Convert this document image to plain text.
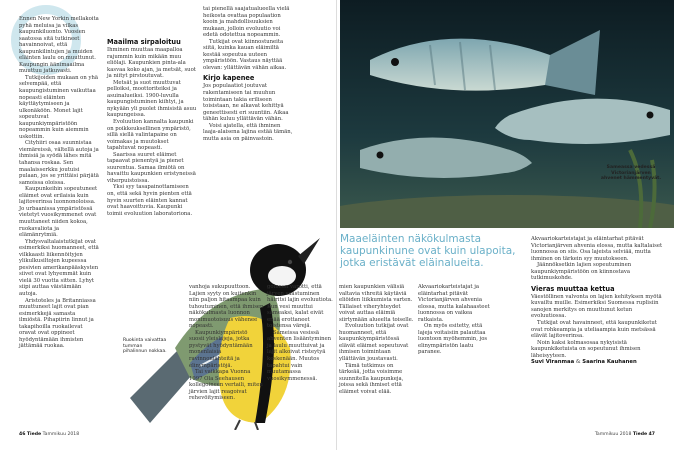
Ennen New Yorkin mellakoita pyhä meluisa ja vilkas kaupunkiluonto. Vuosien saatossa sitä tutkineet havainnoivat, että kaupunkilintujen ja muiden eläinten laulu on muuttunut. Kaupungin äänimaailma muuttuu jatkuvasti.

Tutkijoiden mukaan on yhä selvempää, että kaupungistuminen vaikuttaa nopeasti eläinten käyttäytymiseen ja ulkonäköön. Monet lajit sopeutuvat kaupunkiympäristöön nopeammin kuin aiemmin uskottiin.

Cityhiiri osaa suunnistaa viemäreissä, vältellä autoja ja ihmisiä ja syödä lähes mitä tahansa roskaa. Sen maalaisserkku joutuisi pulaan, jos se yrittäisi pärjätä samoissa oloissa.

Kaupunkeihin sopeutuneet eläimet ovat erilaisia kuin lajitoverinsa luonnonoloissa. Jo urbaanissa ympäristössä vietetyt vuosikymmenet ovat muuttaneet niiden kokoa, ruokavaliota ja elämänrytmiä.

Yhdysvaltalaistutkijat ovat esimerkiksi huomanneet, että vilkkaasti liikennöityjen ylikulkusiltojen kupeessa pesivien amerikanpääskysten siivet ovat lyhyemmät kuin vielä 30 vuotta sitten. Lyhyt siipi auttaa väistämään autoja.

Aristoteles ja Britanniassa muuttuneet lajit ovat pian esimerkkejä samasta ilmiöstä. Pihapiirin linnut ja takapihoilla ruokailevat oravat ovat oppineet hyödyntämään ihmisten jättämää ruokaa.

Maailma sirpaloituu

Ihminen muuttaa maapalloa rajummin kuin mikään muu eliölaji. Kaupunkien pinta-ala kasvaa koko ajan, ja metsät, suot ja niityt pirstoutuvat.

Metsät ja suot muuttuvat pelloiksi, moottoriteiksi ja asuinalueiksi. 1900-luvulla kaupungistuminen kiihtyi, ja nykyään yli puolet ihmisistä asuu kaupungeissa.

Evoluution kannalta kaupunki on poikkeuksellinen ympäristö, sillä siellä valintapaine on voimakas ja muutokset tapahtuvat nopeasti.

Saarissa suuret eläimet tapaavat pienentyä ja pienet suurentua. Samaa ilmiötä on havaittu kaupunkien eristyneissä viherpuistoissa.

Yksi syy tasapainottamiseen on, että sekä hyvin pienten että hyvin suurten eläinten kannat ovat haavoittuvia. Kaupunki toimii evoluution laboratoriona.

tai pienellä saajatualueella vielä heikosta ovattaa populaation kooin ja mahdollisuuksien mukaan, jolloin evoluutio voi edetä odotettua nopeammin.

Tutkijat ovat kiinnostuneita siitä, kuinka kauan eläimiltä kestää sopeutua uuteen ympäristöön. Vastaus näyttää olevan: yllättävän vähän aikaa.

Kirjo kapenee

Jos populaatiot joutuvat rakentamiseen tai muuhun toimintaan takia eriliseen toisistaan, ne alkavat kehittyä geneettisesti eri suuntiin. Aikaa tähän kuluu yllättävän vähän.

Voisi ajatella, että ihminen laaja-alaisena lajina estää tämän, mutta asia on päinvastoin.

Ruokinta vaivattaa tumman pihalinnun nokkaa.
Sameassa vedessä Victorianjärven ahvenet hämmentyvät.
Maaeläinten näkökulmasta kaupunkinune ovat kuin ulapoita, jotka eristävät eläinalueita.

vanhoja sukupuuttoon. Lajien syyty on kuitenkin niin paljon hitaampaa kuin tuhoutuminen, että ihmisen näkökulmasta luonnon monimuotoisuus vähenee nopeasti.

Kaupunkiympäristö suosii yleislajeja, jotka pystyvät hyödyntämään monenlaisia ravinnonlähteitä ja elinympäristöjä.

Tai vaikkapa Vuonna 1997 Ola Seehausen kollegoineen vertaili, miten järvien lajit reagoivat rehevöitymiseen.

goineen varotti, että järven saastuminen häiritsi lajin evoluutiota. Kun vesi muuttui sameaksi, kalat eivät enää erottaneet toistensa värejä.

Sameissa vesissä ahventen lisääntyminen ja laulu muuttuivat ja lajit alkoivat risteytyä keskenään. Muutos tapahtui vain muutamassa vuosikymmenessä.

mien kaupunkien välisiä valtavia vihreitä käytäviä eliöiden liikkumista varten. Tällaiset viheryhteydet voivat auttaa eläimiä siirtymään alueelta toiselle.

Evoluution tutkijat ovat huomanneet, että kaupunkiympäristössä elävät eläimet sopeutuvat ihmisen toimintaan yllättävän joustavasti.

Tämä tutkimus on tärkeää, jotta voisimme suunnitella kaupunkeja, joissa sekä ihmiset että eläimet voivat elää.

Akvaariokarteistajat ja eläintarhat pitävät Victorianjärven ahvenia elossa, mutta kalahaasteet luonnossa on vaikea ratkaista.

On myös esitetty, että lajeja voitaisiin palauttaa luontoon myöhemmin, jos elinympäristön laatu paranee.

Akvaariokarteistajat ja eläintarhat pitävät Victorianjärven ahvenia elossa, mutta kaltalaiset luonnossa on siis. Osa lajeista selviää, mutta ihminen on tärkein syy muutokseen.

Jäännöksetkin lajien sopeutuminen kaupunkiympäristöön on kiinnostava tutkimuskohde.

Vieras muuttaa kettua

Väestöllinen valvonta on lajien kehityksen myötä kuvailtu muille. Esimerkiksi Suomessa ruplisiin sanojen merkitys on muuttunut ketun evoluutiossa.

Tutkijat ovat havainneet, että kaupunkiketut ovat rohkeampia ja uteliaampia kuin metsässä elävät lajitoverinsa.

Noin kaksi kolmasosaa nykyisistä kaupunkiketuista on sopeutunut ihmisen läheisyyteen.

Suvi Viranmaa & Saarina Kauhanen

46 Tiede Tammikuu 2018	Tammikuu 2018 Tiede 47
